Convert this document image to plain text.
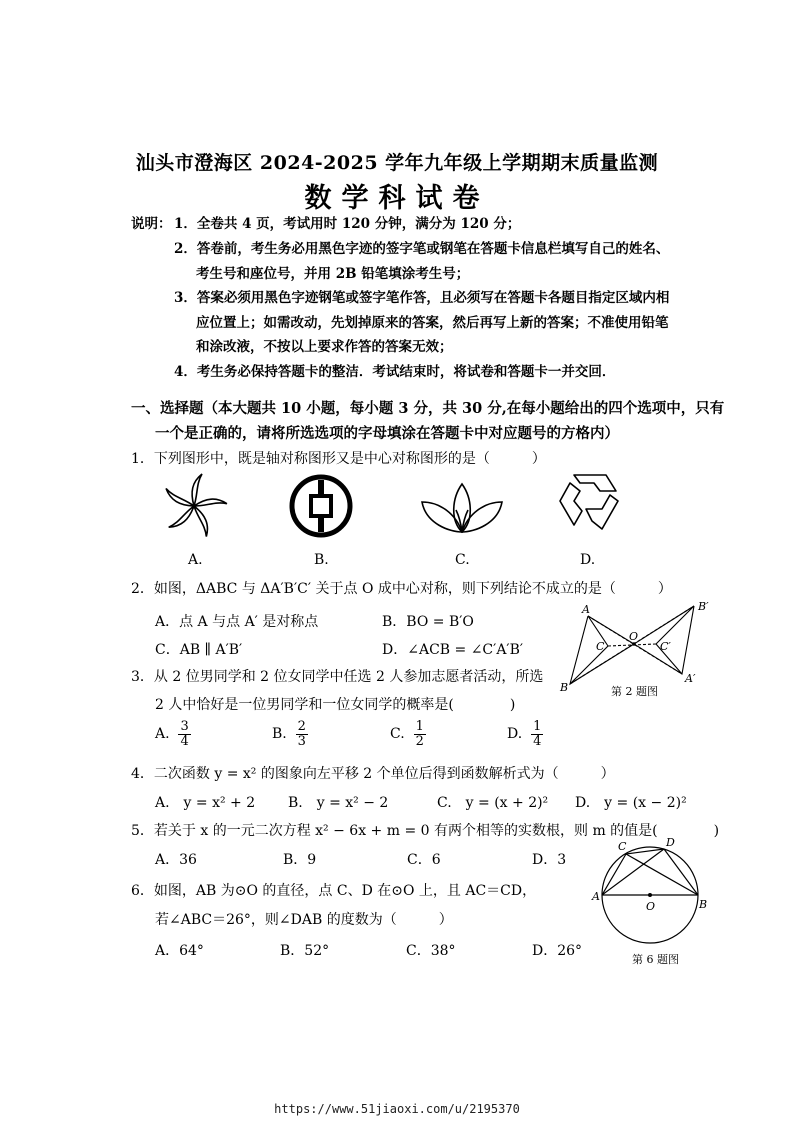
汕头市澄海区 2024-2025 学年九年级上学期期末质量监测
数学科试卷
说明： 1．全卷共 4 页，考试用时 120 分钟，满分为 120 分；
2．答卷前，考生务必用黑色字迹的签字笔或钢笔在答题卡信息栏填写自己的姓名、
考生号和座位号，并用 2B 铅笔填涂考生号；
3．答案必须用黑色字迹钢笔或签字笔作答，且必须写在答题卡各题目指定区域内相
应位置上；如需改动，先划掉原来的答案，然后再写上新的答案；不准使用铅笔
和涂改液，不按以上要求作答的答案无效；
4．考生务必保持答题卡的整洁．考试结束时，将试卷和答题卡一并交回．
一、选择题（本大题共 10 小题，每小题 3 分，共 30 分,在每小题给出的四个选项中，只有
一个是正确的，请将所选选项的字母填涂在答题卡中对应题号的方格内）
1．下列图形中，既是轴对称图形又是中心对称图形的是（　　　）
A.	B.	C.	D.
2．如图，ΔABC 与 ΔA′B′C′ 关于点 O 成中心对称，则下列结论不成立的是（　　　）
A．点 A 与点 A′ 是对称点	B．BO = B′O
C．AB ∥ A′B′	D．∠ACB = ∠C′A′B′
A
B
C
O
C′
A′
B′
第 2 题图
3．从 2 位男同学和 2 位女同学中任选 2 人参加志愿者活动，所选
2 人中恰好是一位男同学和一位女同学的概率是(　　　　)
A. $\frac{3}{4}$	B. $\frac{2}{3}$	C. $\frac{1}{2}$	D. $\frac{1}{4}$
4．二次函数 y = x² 的图象向左平移 2 个单位后得到函数解析式为（　　　）
A.　y = x² + 2 B.　y = x² − 2	C.　y = (x + 2)² D.　y = (x − 2)²
5．若关于 x 的一元二次方程 x² − 6x + m = 0 有两个相等的实数根，则 m 的值是(　　　　)
A．36	B．9	C．6	D．3
6．如图，AB 为⊙O 的直径，点 C、D 在⊙O 上，且 AC＝CD，
若∠ABC＝26°，则∠DAB 的度数为（　　　）
A．64°	B．52°	C．38°	D．26°
A
B
C	D
O
第 6 题图
https://www.51jiaoxi.com/u/2195370
